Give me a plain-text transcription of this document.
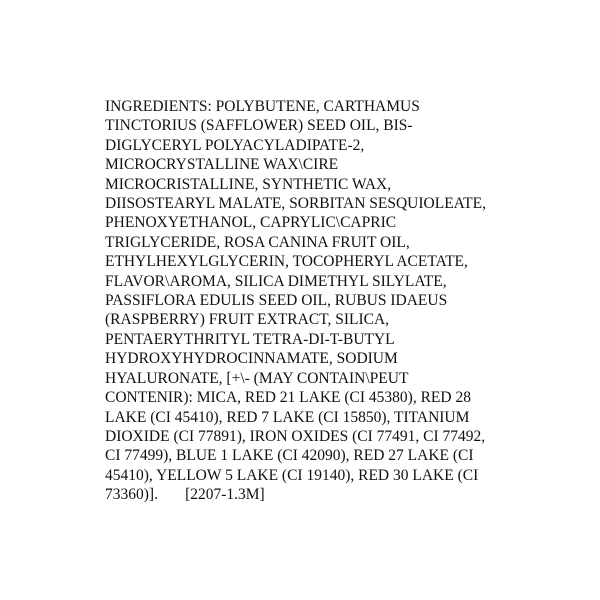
INGREDIENTS: POLYBUTENE, CARTHAMUS
TINCTORIUS (SAFFLOWER) SEED OIL, BIS-
DIGLYCERYL POLYACYLADIPATE-2,
MICROCRYSTALLINE WAX\CIRE
MICROCRISTALLINE, SYNTHETIC WAX,
DIISOSTEARYL MALATE, SORBITAN SESQUIOLEATE,
PHENOXYETHANOL, CAPRYLIC\CAPRIC
TRIGLYCERIDE, ROSA CANINA FRUIT OIL,
ETHYLHEXYLGLYCERIN, TOCOPHERYL ACETATE,
FLAVOR\AROMA, SILICA DIMETHYL SILYLATE,
PASSIFLORA EDULIS SEED OIL, RUBUS IDAEUS
(RASPBERRY) FRUIT EXTRACT, SILICA,
PENTAERYTHRITYL TETRA-DI-T-BUTYL
HYDROXYHYDROCINNAMATE, SODIUM
HYALURONATE, [+\- (MAY CONTAIN\PEUT
CONTENIR): MICA, RED 21 LAKE (CI 45380), RED 28
LAKE (CI 45410), RED 7 LAKE (CI 15850), TITANIUM
DIOXIDE (CI 77891), IRON OXIDES (CI 77491, CI 77492,
CI 77499), BLUE 1 LAKE (CI 42090), RED 27 LAKE (CI
45410), YELLOW 5 LAKE (CI 19140), RED 30 LAKE (CI
73360)].       [2207-1.3M]
